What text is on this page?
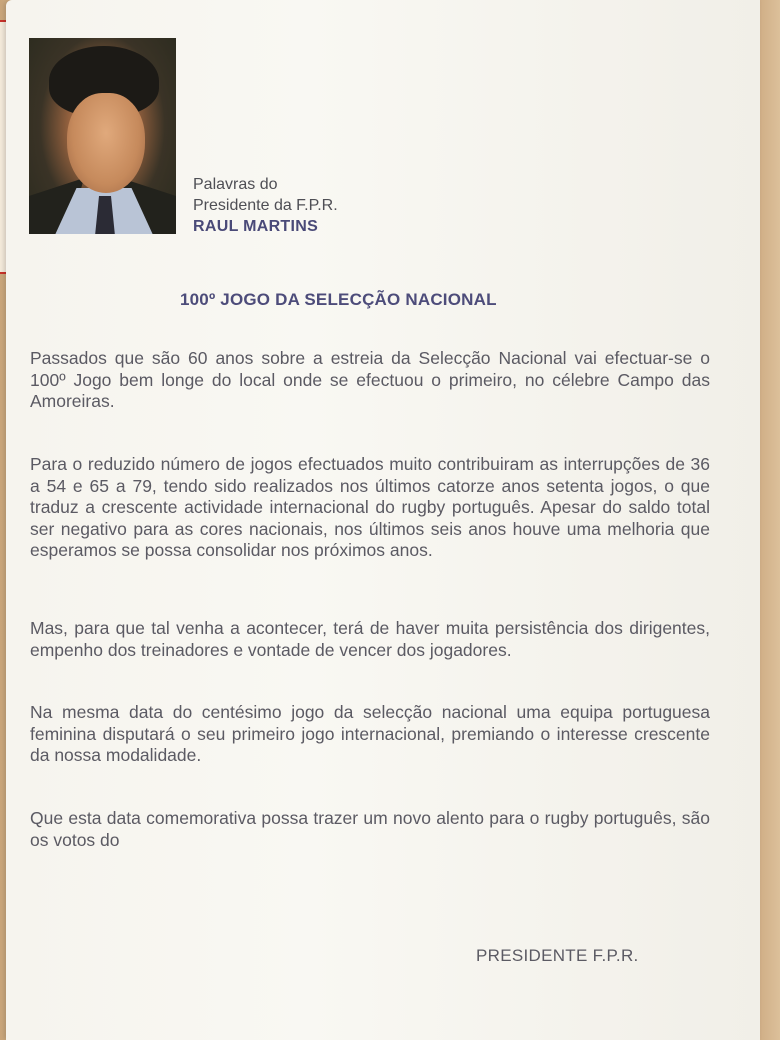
Palavras do
Presidente da F.P.R.
RAUL MARTINS
100º JOGO DA SELECÇÃO NACIONAL
Passados que são 60 anos sobre a estreia da Selecção Nacional vai efectuar-se o 100º Jogo bem longe do local onde se efectuou o primeiro, no célebre Campo das Amoreiras.
Para o reduzido número de jogos efectuados muito contribuiram as interrupções de 36 a 54 e 65 a 79, tendo sido realizados nos últimos catorze anos setenta jogos, o que traduz a crescente actividade internacional do rugby português. Apesar do saldo total ser negativo para as cores nacionais, nos últimos seis anos houve uma melhoria que esperamos se possa consolidar nos próximos anos.
Mas, para que tal venha a acontecer, terá de haver muita persistência dos dirigentes, empenho dos treinadores e vontade de vencer dos jogadores.
Na mesma data do centésimo jogo da selecção nacional uma equipa portuguesa feminina disputará o seu primeiro jogo internacional, premiando o interesse crescente da nossa modalidade.
Que esta data comemorativa possa trazer um novo alento para o rugby português, são os votos do
PRESIDENTE F.P.R.
